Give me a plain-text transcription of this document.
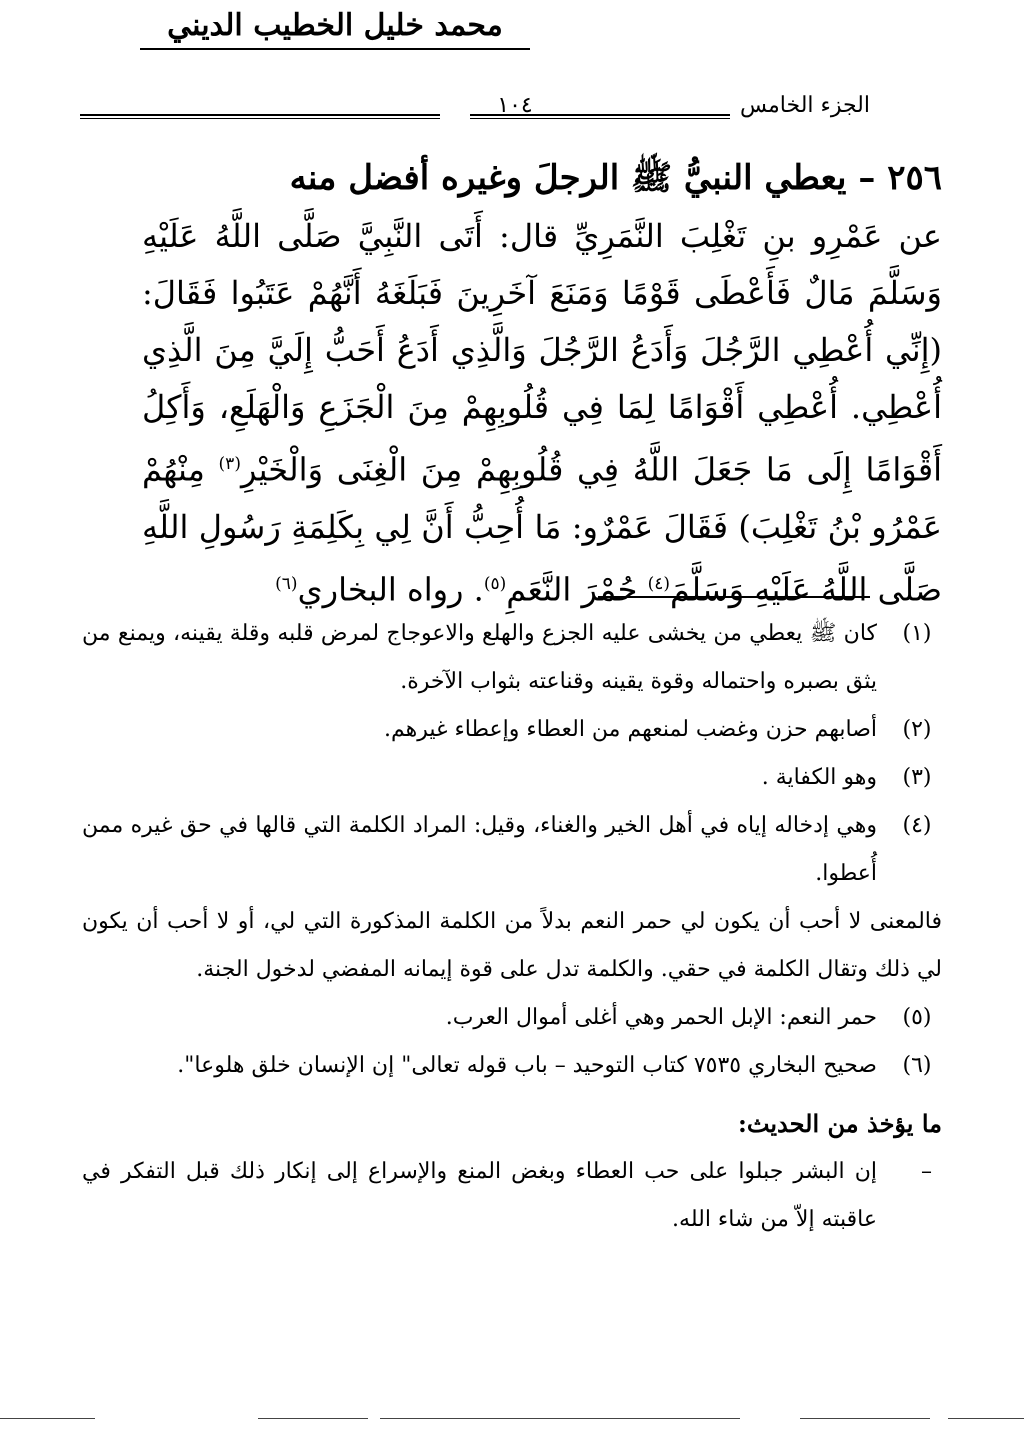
محمد خليل الخطيب الديني
الجزء الخامس
١٠٤
٢٥٦ – يعطي النبيُّ ﷺ الرجلَ وغيره أفضل منه
عن عَمْرِو بنِ تَغْلِبَ النَّمَرِيِّ قال: أَتَى النَّبِيَّ صَلَّى اللَّهُ عَلَيْهِ وَسَلَّمَ مَالٌ فَأَعْطَى قَوْمًا وَمَنَعَ آخَرِينَ فَبَلَغَهُ أَنَّهُمْ عَتَبُوا فَقَالَ: (إِنِّي أُعْطِي الرَّجُلَ وَأَدَعُ الرَّجُلَ وَالَّذِي أَدَعُ أَحَبُّ إِلَيَّ مِنَ الَّذِي أُعْطِي. أُعْطِي أَقْوَامًا لِمَا فِي قُلُوبِهِمْ مِنَ الْجَزَعِ وَالْهَلَعِ، وَأَكِلُ أَقْوَامًا إِلَى مَا جَعَلَ اللَّهُ فِي قُلُوبِهِمْ مِنَ الْغِنَى وَالْخَيْرِ$^{(٣)}$ مِنْهُمْ عَمْرُو بْنُ تَغْلِبَ) فَقَالَ عَمْرٌو: مَا أُحِبُّ أَنَّ لِي بِكَلِمَةِ رَسُولِ اللَّهِ صَلَّى اللَّهُ عَلَيْهِ وَسَلَّمَ$^{(٤)}$ حُمْرَ النَّعَمِ$^{(٥)}$. رواه البخاري$^{(٦)}$
(١)
كان ﷺ يعطي من يخشى عليه الجزع والهلع والاعوجاج لمرض قلبه وقلة يقينه، ويمنع من يثق بصبره واحتماله وقوة يقينه وقناعته بثواب الآخرة.
(٢)
أصابهم حزن وغضب لمنعهم من العطاء وإعطاء غيرهم.
(٣)
وهو الكفاية .
(٤)
وهي إدخاله إياه في أهل الخير والغناء، وقيل: المراد الكلمة التي قالها في حق غيره ممن أُعطوا.
فالمعنى لا أحب أن يكون لي حمر النعم بدلاً من الكلمة المذكورة التي لي، أو لا أحب أن يكون لي ذلك وتقال الكلمة في حقي. والكلمة تدل على قوة إيمانه المفضي لدخول الجنة.
(٥)
حمر النعم: الإبل الحمر وهي أغلى أموال العرب.
(٦)
صحيح البخاري ٧٥٣٥ كتاب التوحيد – باب قوله تعالى" إن الإنسان خلق هلوعا".
ما يؤخذ من الحديث:
–
إن البشر جبلوا على حب العطاء وبغض المنع والإسراع إلى إنكار ذلك قبل التفكر في عاقبته إلاّ من شاء الله.
